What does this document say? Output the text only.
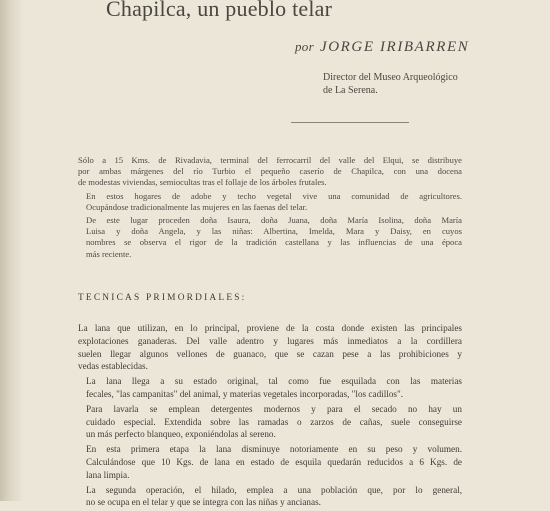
Chapilca, un pueblo telar

por JORGE IRIBARREN

Director del Museo Arqueológico
de La Serena.

Sólo a 15 Kms. de Rivadavia, terminal del ferrocarril del valle del Elqui, se distribuye
por ambas márgenes del río Turbio el pequeño caserío de Chapilca, con una docena
de modestas viviendas, semiocultas tras el follaje de los árboles frutales.

En estos hogares de adobe y techo vegetal vive una comunidad de agricultores.
Ocupándose tradicionalmente las mujeres en las faenas del telar.

De este lugar proceden doña Isaura, doña Juana, doña María Isolina, doña María
Luisa y doña Angela, y las niñas: Albertina, Imelda, Mara y Daisy, en cuyos
nombres se observa el rigor de la tradición castellana y las influencias de una época
más reciente.

TECNICAS PRIMORDIALES:

La lana que utilizan, en lo principal, proviene de la costa donde existen las principales
explotaciones ganaderas. Del valle adentro y lugares más inmediatos a la cordillera
suelen llegar algunos vellones de guanaco, que se cazan pese a las prohibiciones y
vedas establecidas.

La lana llega a su estado original, tal como fue esquilada con las materias
fecales, "las campanitas" del animal, y materias vegetales incorporadas, "los cadillos".

Para lavarla se emplean detergentes modernos y para el secado no hay un
cuidado especial. Extendida sobre las ramadas o zarzos de cañas, suele conseguirse
un más perfecto blanqueo, exponiéndolas al sereno.

En esta primera etapa la lana disminuye notoriamente en su peso y volumen.
Calculándose que 10 Kgs. de lana en estado de esquila quedarán reducidos a 6 Kgs. de
lana limpia.

La segunda operación, el hilado, emplea a una población que, por lo general,
no se ocupa en el telar y que se integra con las niñas y ancianas.
